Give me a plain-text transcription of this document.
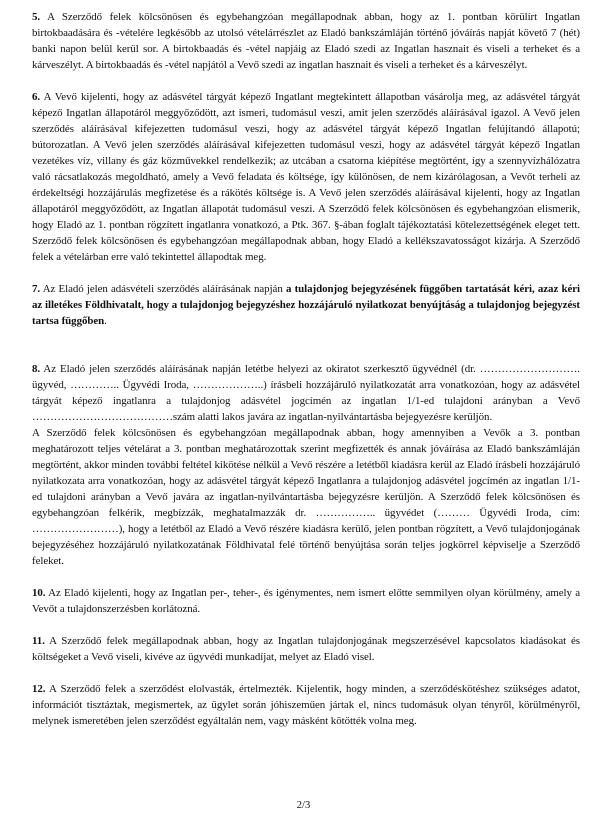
5. A Szerződő felek kölcsönösen és egybehangzóan megállapodnak abban, hogy az 1. pontban körülírt Ingatlan birtokbaadására és -vételére legkésőbb az utolsó vételárrészlet az Eladó bankszámláján történő jóváírás napját követő 7 (hét) banki napon belül kerül sor. A birtokbaadás és -vétel napjáig az Eladó szedi az Ingatlan hasznait és viseli a terheket és a kárveszélyt. A birtokbaadás és -vétel napjától a Vevő szedi az ingatlan hasznait és viseli a terheket és a kárveszélyt.

6. A Vevő kijelenti, hogy az adásvétel tárgyát képező Ingatlant megtekintett állapotban vásárolja meg, az adásvétel tárgyát képező Ingatlan állapotáról meggyőződött, azt ismeri, tudomásul veszi, amit jelen szerződés aláírásával igazol. A Vevő jelen szerződés aláírásával kifejezetten tudomásul veszi, hogy az adásvétel tárgyát képező Ingatlan felújítandó állapotú; bútorozatlan. A Vevő jelen szerződés aláírásával kifejezetten tudomásul veszi, hogy az adásvétel tárgyát képező Ingatlan vezetékes víz, villany és gáz közművekkel rendelkezik; az utcában a csatorna kiépítése megtörtént, így a szennyvízhálózatra való rácsatlakozás megoldható, amely a Vevő feladata és költsége, így különösen, de nem kizárólagosan, a Vevőt terheli az érdekeltségi hozzájárulás megfizetése és a rákötés költsége is. A Vevő jelen szerződés aláírásával kijelenti, hogy az Ingatlan állapotáról meggyőződött, az Ingatlan állapotát tudomásul veszi. A Szerződő felek kölcsönösen és egybehangzóan elismerik, hogy Eladó az 1. pontban rögzített ingatlanra vonatkozó, a Ptk. 367. §-ában foglalt tájékoztatási kötelezettségének eleget tett. Szerződő felek kölcsönösen és egybehangzóan megállapodnak abban, hogy Eladó a kellékszavatosságot kizárja. A Szerződő felek a vételárban erre való tekintettel állapodtak meg.

7. Az Eladó jelen adásvételi szerződés aláírásának napján a tulajdonjog bejegyzésének függőben tartatását kéri, azaz kéri az illetékes Földhivatalt, hogy a tulajdonjog bejegyzéshez hozzájáruló nyilatkozat benyújtáság a tulajdonjog bejegyzést tartsa függőben.

8. Az Eladó jelen szerződés aláírásának napján letétbe helyezi az okiratot szerkesztő ügyvédnél (dr. ………………………. ügyvéd, ………….. Ügyvédi Iroda, ………………..) írásbeli hozzájáruló nyilatkozatát arra vonatkozóan, hogy az adásvétel tárgyát képező ingatlanra a tulajdonjog adásvétel jogcímén az ingatlan 1/1-ed tulajdoni arányban a Vevő …………………………………szám alatti lakos javára az ingatlan-nyilvántartásba bejegyezésre kerüljön.
A Szerződő felek kölcsönösen és egybehangzóan megállapodnak abban, hogy amennyiben a Vevők a 3. pontban meghatározott teljes vételárat a 3. pontban meghatározottak szerint megfizették és annak jóváírása az Eladó bankszámláján megtörtént, akkor minden további feltétel kikötése nélkül a Vevő részére a letétből kiadásra kerül az Eladó írásbeli hozzájáruló nyilatkozata arra vonatkozóan, hogy az adásvétel tárgyát képező Ingatlanra a tulajdonjog adásvétel jogcímén az ingatlan 1/1-ed tulajdoni arányban a Vevő javára az ingatlan-nyilvántartásba bejegyzésre kerüljön. A Szerződő felek kölcsönösen és egybehangzóan felkérik, megbízzák, meghatalmazzák dr. …………….. ügyvédet (……… Ügyvédi Iroda, cím: ……………………), hogy a letétből az Eladó a Vevő részére kiadásra kerülő, jelen pontban rögzített, a Vevő tulajdonjogának bejegyzéséhez hozzájáruló nyilatkozatának Földhivatal felé történő benyújtása során teljes jogkörrel képviselje a Szerződő feleket.

10. Az Eladó kijelenti, hogy az Ingatlan per-, teher-, és igénymentes, nem ismert előtte semmilyen olyan körülmény, amely a Vevőt a tulajdonszerzésben korlátozná.

11. A Szerződő felek megállapodnak abban, hogy az Ingatlan tulajdonjogának megszerzésével kapcsolatos kiadásokat és költségeket a Vevő viseli, kivéve az ügyvédi munkadíjat, melyet az Eladó visel.

12. A Szerződő felek a szerződést elolvasták, értelmezték. Kijelentik, hogy minden, a szerződéskötéshez szükséges adatot, információt tisztáztak, megismertek, az ügylet során jóhiszeműen jártak el, nincs tudomásuk olyan tényről, körülményről, melynek ismeretében jelen szerződést egyáltalán nem, vagy másként kötötték volna meg.

2/3
